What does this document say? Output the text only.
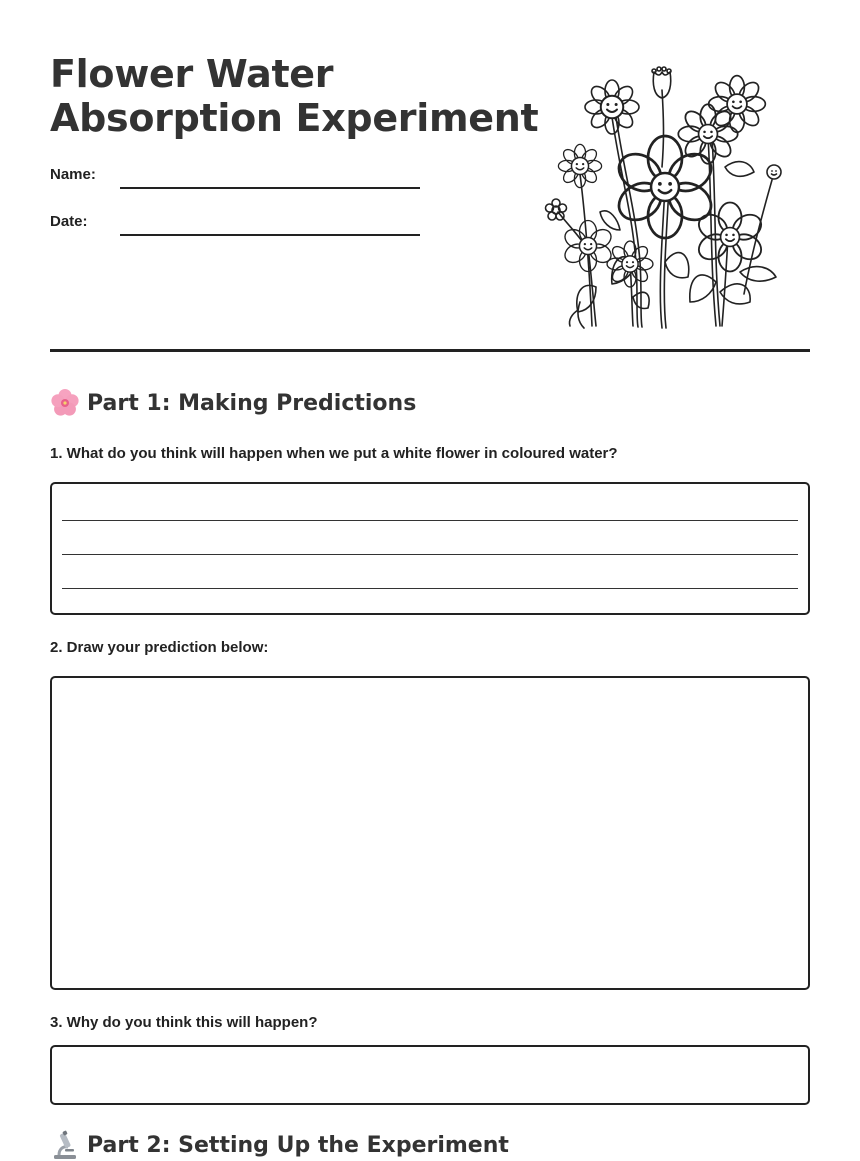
Flower Water
Absorption Experiment
Name:
Date:
Part 1: Making Predictions
1. What do you think will happen when we put a white flower in coloured water?
2. Draw your prediction below:
3. Why do you think this will happen?
Part 2: Setting Up the Experiment
